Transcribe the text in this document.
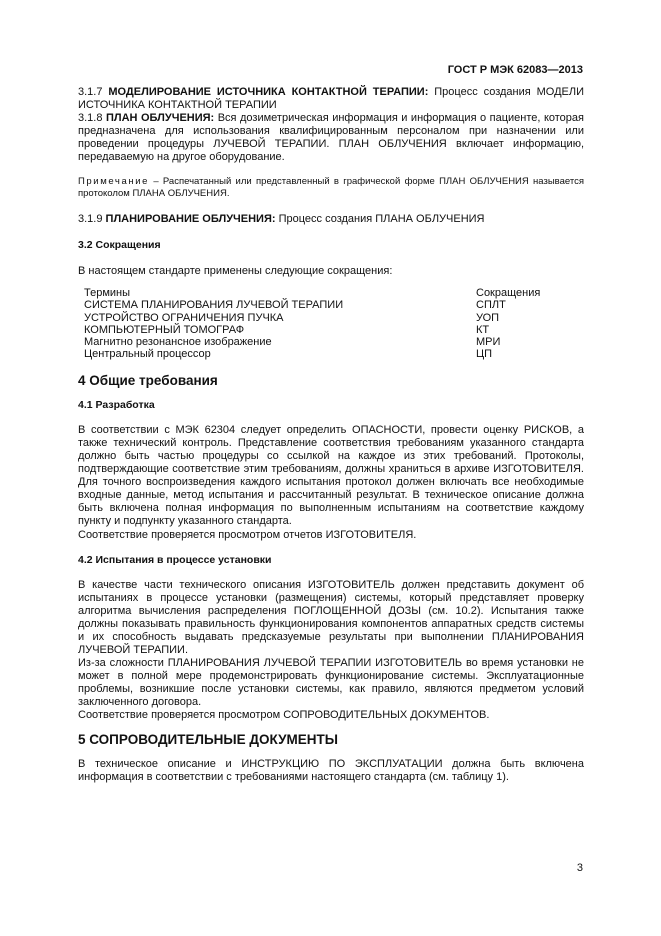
ГОСТ Р МЭК 62083—2013

3.1.7 МОДЕЛИРОВАНИЕ ИСТОЧНИКА КОНТАКТНОЙ ТЕРАПИИ: Процесс создания МОДЕЛИ ИСТОЧНИКА КОНТАКТНОЙ ТЕРАПИИ

3.1.8 ПЛАН ОБЛУЧЕНИЯ: Вся дозиметрическая информация и информация о пациенте, которая предназначена для использования квалифицированным персоналом при назначении или проведении процедуры ЛУЧЕВОЙ ТЕРАПИИ. ПЛАН ОБЛУЧЕНИЯ включает информацию, передаваемую на другое оборудование.

Примечание – Распечатанный или представленный в графической форме ПЛАН ОБЛУЧЕНИЯ называется протоколом ПЛАНА ОБЛУЧЕНИЯ.

3.1.9 ПЛАНИРОВАНИЕ ОБЛУЧЕНИЯ: Процесс создания ПЛАНА ОБЛУЧЕНИЯ

3.2 Сокращения

В настоящем стандарте применены следующие сокращения:

Термины	Сокращения
СИСТЕМА ПЛАНИРОВАНИЯ ЛУЧЕВОЙ ТЕРАПИИ	СПЛТ
УСТРОЙСТВО ОГРАНИЧЕНИЯ ПУЧКА	УОП
КОМПЬЮТЕРНЫЙ ТОМОГРАФ	КТ
Магнитно резонансное изображение	МРИ
Центральный процессор	ЦП

4 Общие требования

4.1 Разработка

В соответствии с МЭК 62304 следует определить ОПАСНОСТИ, провести оценку РИСКОВ, а также технический контроль. Представление соответствия требованиям указанного стандарта должно быть частью процедуры со ссылкой на каждое из этих требований. Протоколы, подтверждающие соответствие этим требованиям, должны храниться в архиве ИЗГОТОВИТЕЛЯ. Для точного воспроизведения каждого испытания протокол должен включать все необходимые входные данные, метод испытания и рассчитанный результат. В техническое описание должна быть включена полная информация по выполненным испытаниям на соответствие каждому пункту и подпункту указанного стандарта.

Соответствие проверяется просмотром отчетов ИЗГОТОВИТЕЛЯ.

4.2 Испытания в процессе установки

В качестве части технического описания ИЗГОТОВИТЕЛЬ должен представить документ об испытаниях в процессе установки (размещения) системы, который представляет проверку алгоритма вычисления распределения ПОГЛОЩЕННОЙ ДОЗЫ (см. 10.2). Испытания также должны показывать правильность функционирования компонентов аппаратных средств системы и их способность выдавать предсказуемые результаты при выполнении ПЛАНИРОВАНИЯ ЛУЧЕВОЙ ТЕРАПИИ.

Из-за сложности ПЛАНИРОВАНИЯ ЛУЧЕВОЙ ТЕРАПИИ ИЗГОТОВИТЕЛЬ во время установки не может в полной мере продемонстрировать функционирование системы. Эксплуатационные проблемы, возникшие после установки системы, как правило, являются предметом условий заключенного договора.

Соответствие проверяется просмотром СОПРОВОДИТЕЛЬНЫХ ДОКУМЕНТОВ.

5 СОПРОВОДИТЕЛЬНЫЕ ДОКУМЕНТЫ

В техническое описание и ИНСТРУКЦИЮ ПО ЭКСПЛУАТАЦИИ должна быть включена информация в соответствии с требованиями настоящего стандарта (см. таблицу 1).

3
